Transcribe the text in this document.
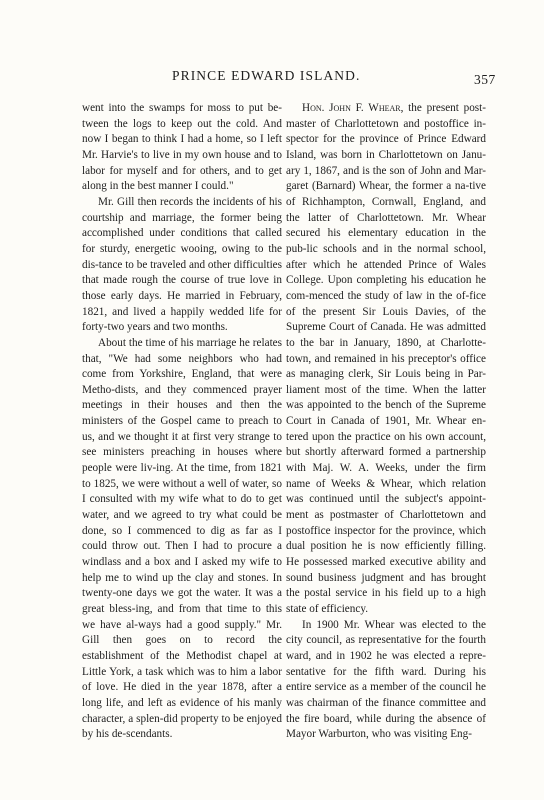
PRINCE EDWARD ISLAND.	357

went into the swamps for moss to put be-tween the logs to keep out the cold. And now I began to think I had a home, so I left Mr. Harvie's to live in my own house and to labor for myself and for others, and to get along in the best manner I could."

Mr. Gill then records the incidents of his courtship and marriage, the former being accomplished under conditions that called for sturdy, energetic wooing, owing to the dis-tance to be traveled and other difficulties that made rough the course of true love in those early days. He married in February, 1821, and lived a happily wedded life for forty-two years and two months.

About the time of his marriage he relates that, "We had some neighbors who had come from Yorkshire, England, that were Metho-dists, and they commenced prayer meetings in their houses and then the ministers of the Gospel came to preach to us, and we thought it at first very strange to see ministers preaching in houses where people were liv-ing. At the time, from 1821 to 1825, we were without a well of water, so I consulted with my wife what to do to get water, and we agreed to try what could be done, so I commenced to dig as far as I could throw out. Then I had to procure a windlass and a box and I asked my wife to help me to wind up the clay and stones. In twenty-one days we got the water. It was a great bless-ing, and from that time to this we have al-ways had a good supply." Mr. Gill then goes on to record the establishment of the Methodist chapel at Little York, a task which was to him a labor of love. He died in the year 1878, after a long life, and left as evidence of his manly character, a splen-did property to be enjoyed by his de-scendants.

Hon. John F. Whear, the present post-master of Charlottetown and postoffice in-spector for the province of Prince Edward Island, was born in Charlottetown on Janu-ary 1, 1867, and is the son of John and Mar-garet (Barnard) Whear, the former a na-tive of Richhampton, Cornwall, England, and the latter of Charlottetown. Mr. Whear secured his elementary education in the pub-lic schools and in the normal school, after which he attended Prince of Wales College. Upon completing his education he com-menced the study of law in the of-fice of the present Sir Louis Davies, of the Supreme Court of Canada. He was admitted to the bar in January, 1890, at Charlotte-town, and remained in his preceptor's office as managing clerk, Sir Louis being in Par-liament most of the time. When the latter was appointed to the bench of the Supreme Court in Canada of 1901, Mr. Whear en-tered upon the practice on his own account, but shortly afterward formed a partnership with Maj. W. A. Weeks, under the firm name of Weeks & Whear, which relation was continued until the subject's appoint-ment as postmaster of Charlottetown and postoffice inspector for the province, which dual position he is now efficiently filling. He possessed marked executive ability and sound business judgment and has brought the postal service in his field up to a high state of efficiency.

In 1900 Mr. Whear was elected to the city council, as representative for the fourth ward, and in 1902 he was elected a repre-sentative for the fifth ward. During his entire service as a member of the council he was chairman of the finance committee and the fire board, while during the absence of Mayor Warburton, who was visiting Eng-
